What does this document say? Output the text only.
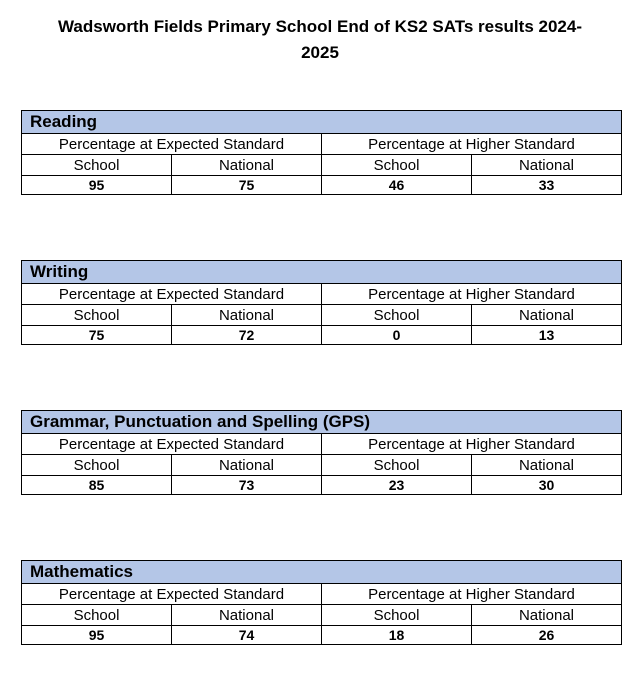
Wadsworth Fields Primary School End of KS2 SATs results 2024-
2025
Reading			
Percentage at Expected Standard		Percentage at Higher Standard	
School	National	School	National
95	75	46	33
Writing			
Percentage at Expected Standard		Percentage at Higher Standard	
School	National	School	National
75	72	0	13
Grammar, Punctuation and Spelling (GPS)			
Percentage at Expected Standard		Percentage at Higher Standard	
School	National	School	National
85	73	23	30
Mathematics			
Percentage at Expected Standard		Percentage at Higher Standard	
School	National	School	National
95	74	18	26
